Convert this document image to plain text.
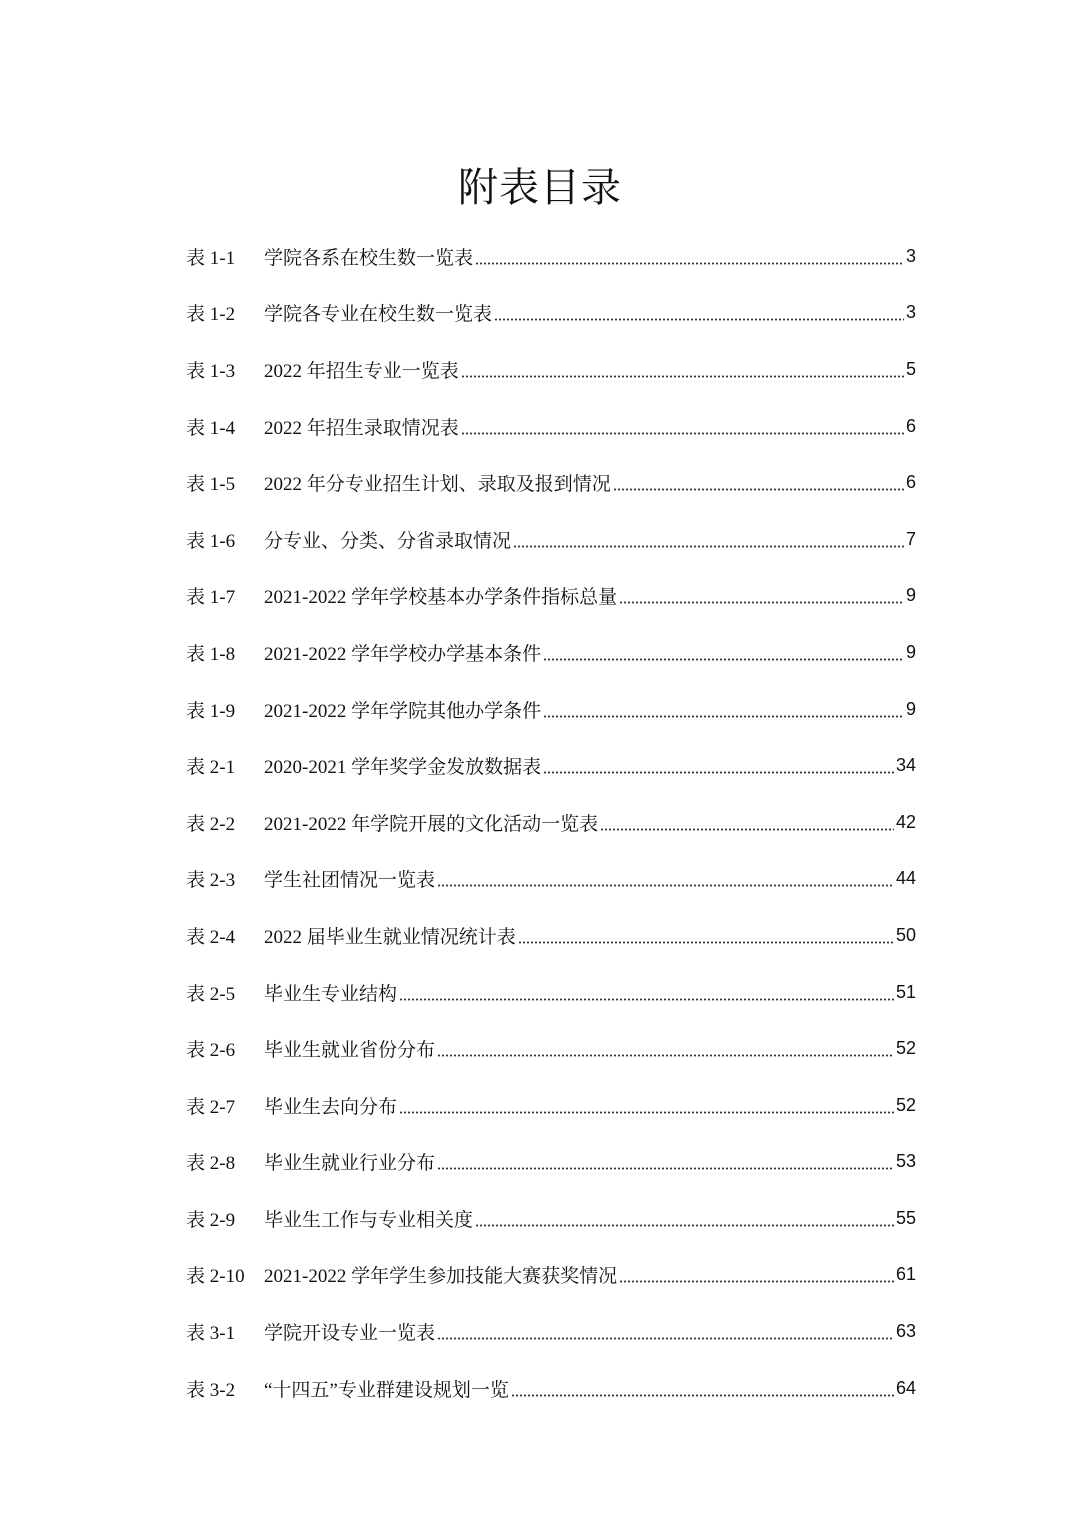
附表目录
表 1-1	学院各系在校生数一览表	3
表 1-2	学院各专业在校生数一览表	3
表 1-3	2022 年招生专业一览表	5
表 1-4	2022 年招生录取情况表	6
表 1-5	2022 年分专业招生计划、录取及报到情况	6
表 1-6	分专业、分类、分省录取情况	7
表 1-7	2021-2022 学年学校基本办学条件指标总量	9
表 1-8	2021-2022 学年学校办学基本条件	9
表 1-9	2021-2022 学年学院其他办学条件	9
表 2-1	2020-2021 学年奖学金发放数据表	34
表 2-2	2021-2022 年学院开展的文化活动一览表	42
表 2-3	学生社团情况一览表	44
表 2-4	2022 届毕业生就业情况统计表	50
表 2-5	毕业生专业结构	51
表 2-6	毕业生就业省份分布	52
表 2-7	毕业生去向分布	52
表 2-8	毕业生就业行业分布	53
表 2-9	毕业生工作与专业相关度	55
表 2-10	2021-2022 学年学生参加技能大赛获奖情况	61
表 3-1	学院开设专业一览表	63
表 3-2	“十四五”专业群建设规划一览	64
